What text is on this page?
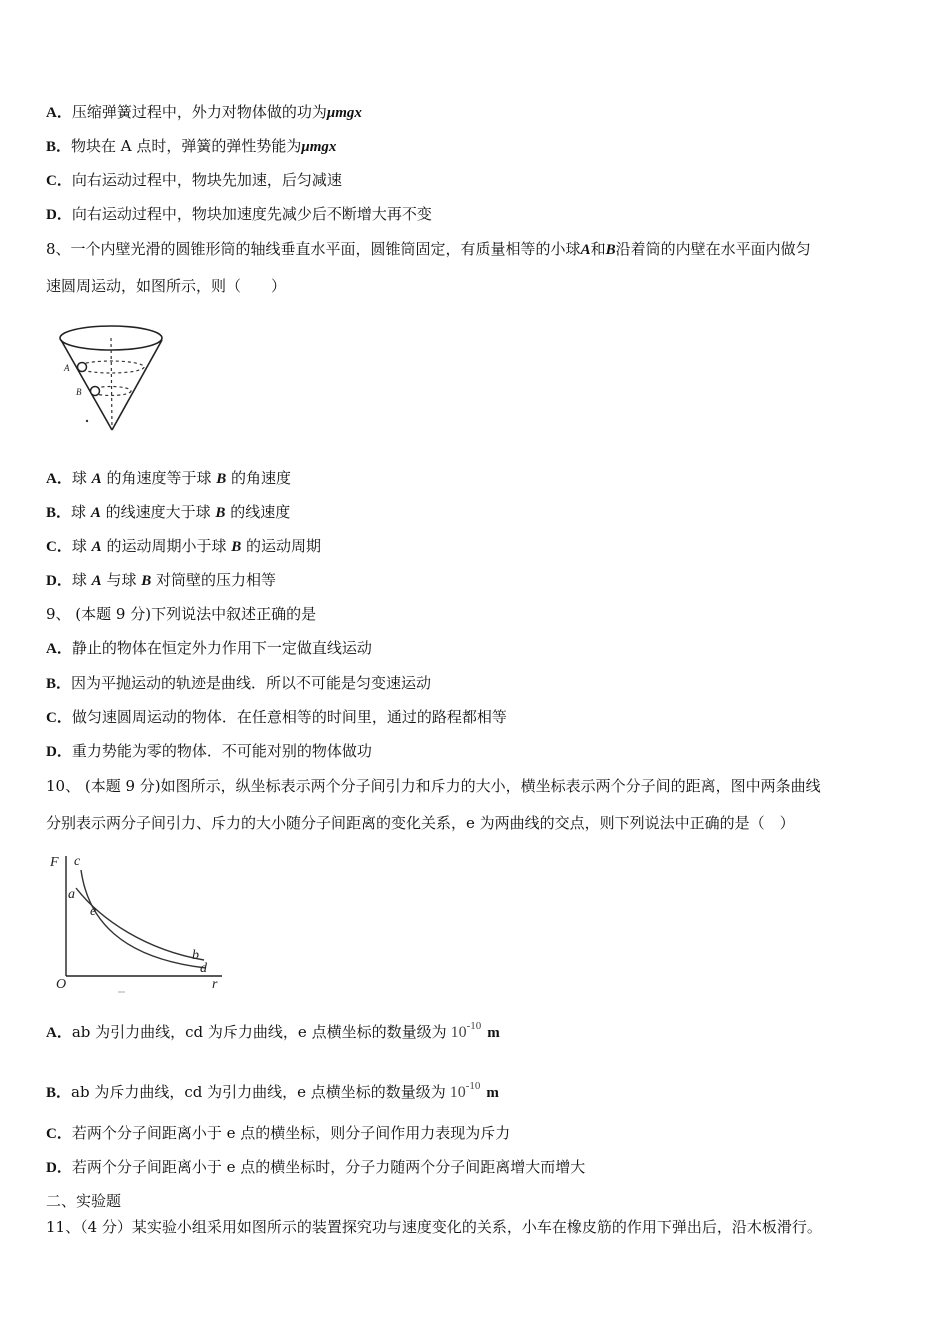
A．压缩弹簧过程中，外力对物体做的功为μmgx
B．物块在 A 点时，弹簧的弹性势能为μmgx
C．向右运动过程中，物块先加速，后匀减速
D．向右运动过程中，物块加速度先减少后不断增大再不变
8、一个内壁光滑的圆锥形筒的轴线垂直水平面，圆锥筒固定，有质量相等的小球A和B沿着筒的内壁在水平面内做匀
速圆周运动，如图所示，则（　　）
A
B
A．球 A 的角速度等于球 B 的角速度
B．球 A 的线速度大于球 B 的线速度
C．球 A 的运动周期小于球 B 的运动周期
D．球 A 与球 B 对筒壁的压力相等
9、 (本题 9 分)下列说法中叙述正确的是
A．静止的物体在恒定外力作用下一定做直线运动
B．因为平抛运动的轨迹是曲线．所以不可能是匀变速运动
C．做匀速圆周运动的物体．在任意相等的时间里，通过的路程都相等
D．重力势能为零的物体．不可能对别的物体做功
10、 (本题 9 分)如图所示，纵坐标表示两个分子间引力和斥力的大小，横坐标表示两个分子间的距离，图中两条曲线
分别表示两分子间引力、斥力的大小随分子间距离的变化关系，e 为两曲线的交点，则下列说法中正确的是（　）
F
O	r
c
a
e
b
d
A．ab 为引力曲线，cd 为斥力曲线，e 点横坐标的数量级为 $10^{-10}$ m
B．ab 为斥力曲线，cd 为引力曲线，e 点横坐标的数量级为 $10^{-10}$ m
C．若两个分子间距离小于 e 点的横坐标，则分子间作用力表现为斥力
D．若两个分子间距离小于 e 点的横坐标时，分子力随两个分子间距离增大而增大
二、实验题
11、（4 分）某实验小组采用如图所示的装置探究功与速度变化的关系，小车在橡皮筋的作用下弹出后，沿木板滑行。
